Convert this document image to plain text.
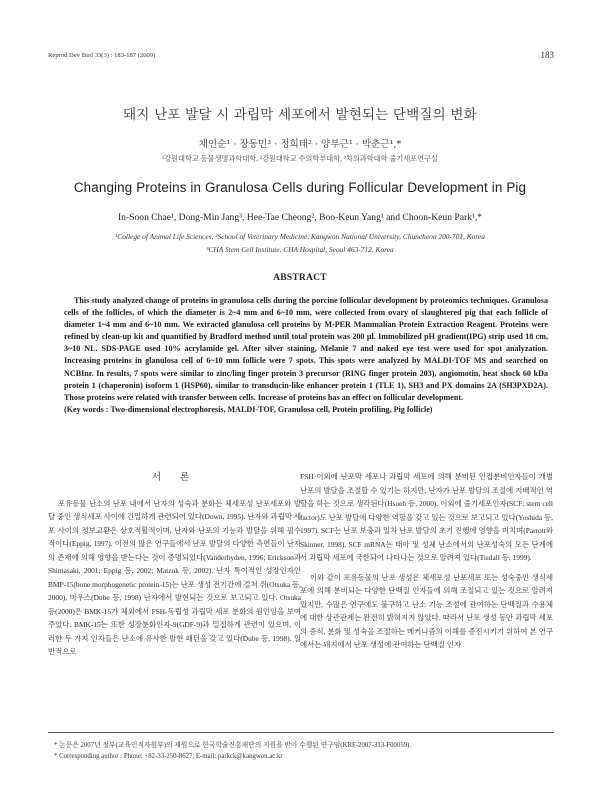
Reprod Dev Biol 33(3) : 183-187 (2009)	183
돼지 난포 발달 시 과립막 세포에서 발현되는 단백질의 변화
채인순¹ · 장동민³ · 정희태² · 양부근¹ · 박춘근¹,*
¹강원대학교 동물생명과학대학, ²강원대학교 수의학부대학, ³차의과학대학 줄기세포연구실
Changing Proteins in Granulosa Cells during Follicular Development in Pig
In-Soon Chae¹, Dong-Min Jang³, Hee-Tae Cheong², Boo-Keun Yang¹ and Choon-Keun Park¹,*
¹College of Animal Life Sciences, ²School of Veterinary Medicine, Kangwon National University, Chuncheon 200-701, Korea
³CHA Stem Cell Institute, CHA Hospital, Seoul 463-712, Korea
ABSTRACT

This study analyzed change of proteins in granulosa cells during the porcine follicular development by proteomics techniques. Granulosa cells of the follicles, of which the diameter is 2~4 mm and 6~10 mm, were collected from ovary of slaughtered pig that each follicle of diameter 1~4 mm and 6~10 mm. We extracted glanulosa cell proteins by M-PER Mammalian Protein Extraction Reagent. Proteins were refined by clean-up kit and quantified by Bradford method until total protein was 200 µl. Immobilized pH gradient(IPG) strip used 18 cm, 3~10 NL. SDS-PAGE used 10% acrylamide gel. After silver staining, Melanie 7 and naked eye test were used for spot analyzation. Increasing proteins in glanulosa cell of 6~10 mm follicle were 7 spots. This spots were analyzed by MALDI-TOF MS and searched on NCBInr. In results, 7 spots were similar to zinc/ling finger protein 3 precursor (RING finger protein 203), angiomotin, heat shock 60 kDa protein 1 (chaperonin) isoform 1 (HSP60), similar to transducin-like enhancer protein 1 (TLE 1), SH3 and PX domains 2A (SH3PXD2A). Those proteins were related with transfer between cells. Increase of proteins has an effect on follicular development.

(Key words : Two-dimensional electrophoresis, MALDI-TOF, Granulosa cell, Protein profiling, Pig follicle)

서 론

포유동물 난소의 난포 내에서 난자의 성숙과 분화는 체세포성 난포세포와 발달 중인 생식세포 사이에 긴밀하게 관련되어 있다(Down, 1995). 난자와 과립막 세포 사이의 정보교환은 상호적활적이며, 난자와 난포의 기능과 발달을 위해 필수적이다(Eppig, 1997). 이전의 많은 연구들에서 난포 발달의 다양한 측면들이 난자의 존재에 의해 영향을 받는다는 것이 증명되었다(Vanderhyden, 1996; Erickson과 Shimasaki, 2001; Eppig 등, 2002; Matzuk 등, 2002). 난자 특이적인 성장인자인 BMP-15(bone morphogenetic protein-15)는 난포 생성 전기간에 걸쳐 쥐(Otsuka 등, 2000), 마우스(Dube 등, 1998) 난자에서 발현되는 것으로 보고되고 있다. Otsuka 등(2000)은 BMK-15가 체외에서 FSH-독립성 과립막 세포 분화의 원인임을 보여주었다. BMK-15는 또한 성장분화인자-9(GDF-9)과 밀접하게 관련이 있으며, 이러한 두 가지 인자들은 난소에 유사한 발현 패턴을 갖고 있다(Dube 등, 1998). 일반적으로

FSH 이외에 난포막 세포나 과립막 세포에 의해 분비된 인접분비인자들이 개별 난포의 발달을 조절할 수 있기는 하지만, 난자가 난포 발달의 조절에 지배적인 역할을 하는 것으로 생각된다(Hsueh 등, 2000). 이외에 줄기세포인자(SCF; stem cell factor)도 난포 발달에 다양한 역할을 갖고 있는 것으로 보고되고 있다(Yoshida 등, 1997). SCF는 난포 보충과 일차 난포 발달의 초기 진행에 영향을 미치며(Parrott와 Skinner, 1998), SCF mRNA는 태아 및 성체 난소에서의 난포성숙의 모든 단계에서 과립막 세포에 국한되어 나타나는 것으로 알려져 있다(Tisdall 등, 1999).

이와 같이 포유동물의 난포 생성은 체세포성 난포세포 또는 성숙중인 생식세포에 의해 분비되는 다양한 단백질 인자들에 의해 조절되고 있는 것으로 알려져 있지만, 수많은 연구에도 불구하고 난소 기능 조절에 관여하는 단백질과 수용체에 대한 상관관계는 완전히 밝혀지지 않았다. 따라서 난포 생성 동안 과립막 세포의 증식, 분화 및 성숙을 조절하는 메커니즘의 이해를 증진시키기 위하여 본 연구에서는 돼지에서 난포 생성에 관여하는 단백질 인자

* 논문은 2007년 정부(교육인적자원부)의 재원으로 한국학술진흥재단의 지원을 받아 수행된 연구임(KRF-2007-313-F00059).
* Corresponding author : Phone: +82-33-250-8627, E-mail: parkck@kangwon.ac.kr
